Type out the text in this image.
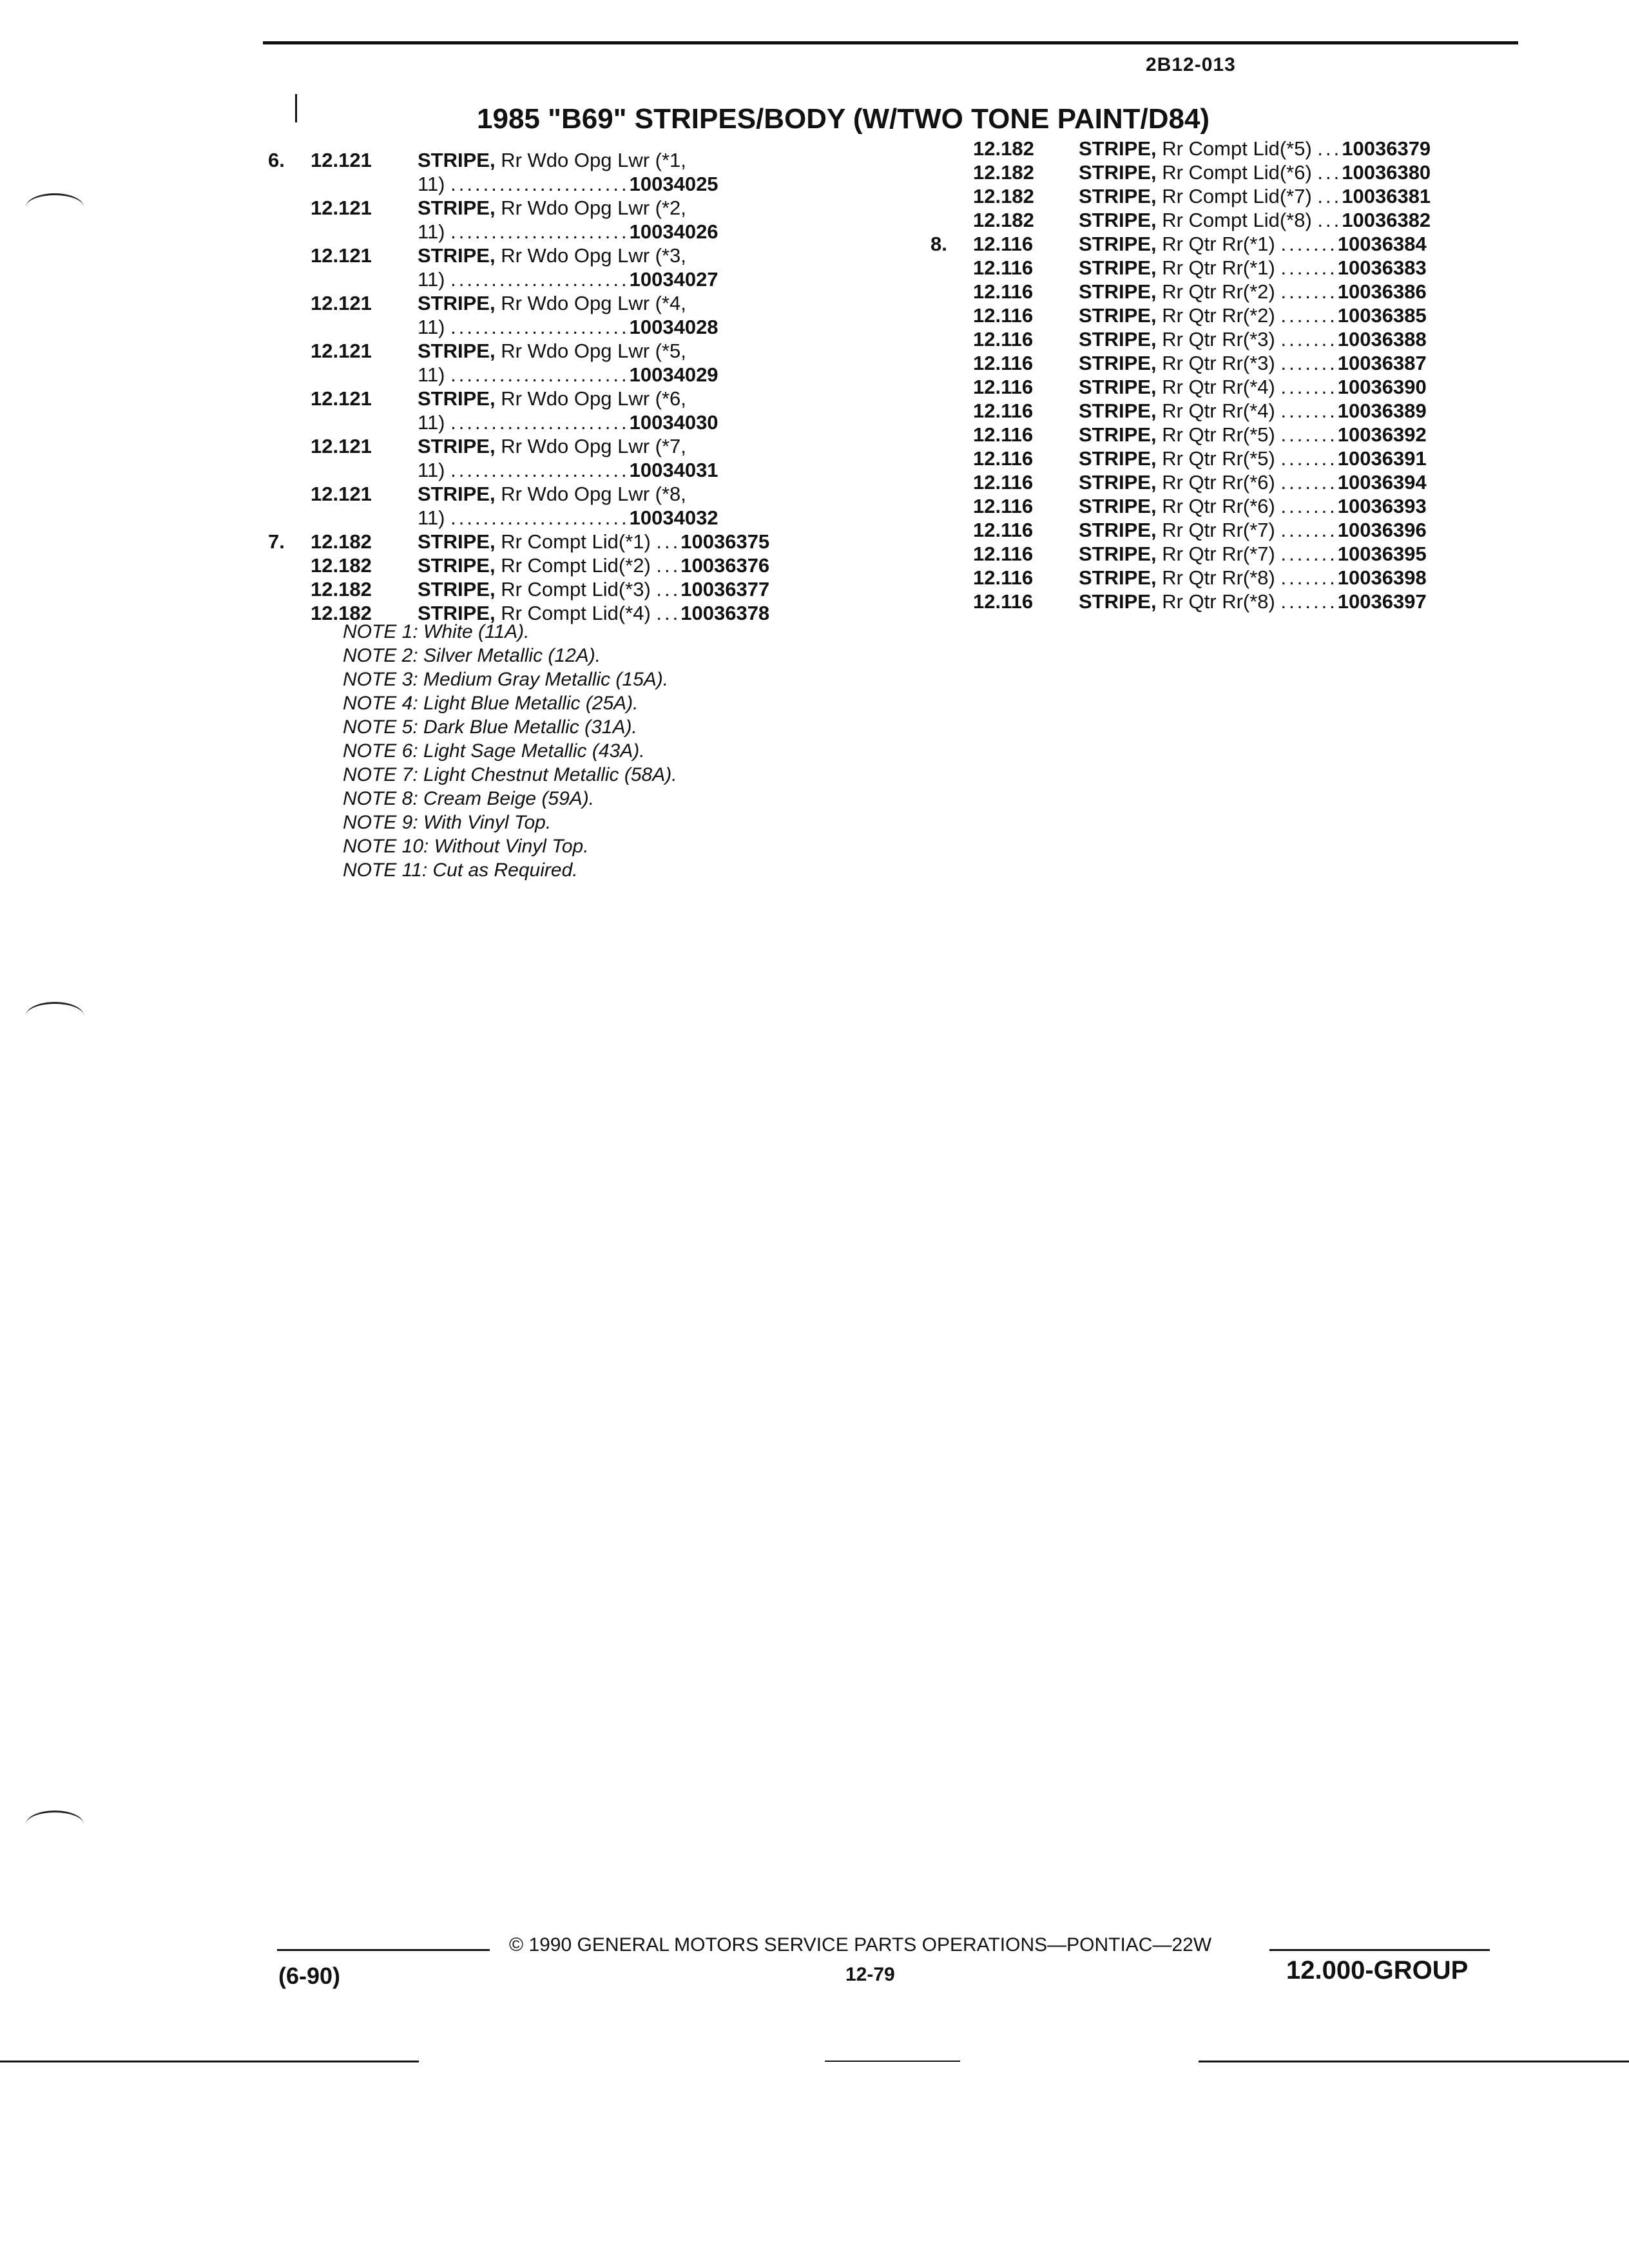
2B12-013
1985 "B69" STRIPES/BODY (W/TWO TONE PAINT/D84)
6. 12.121 STRIPE, Rr Wdo Opg Lwr (*1,
11) ......................10034025
12.121 STRIPE, Rr Wdo Opg Lwr (*2,
11) ......................10034026
12.121 STRIPE, Rr Wdo Opg Lwr (*3,
11) ......................10034027
12.121 STRIPE, Rr Wdo Opg Lwr (*4,
11) ......................10034028
12.121 STRIPE, Rr Wdo Opg Lwr (*5,
11) ......................10034029
12.121 STRIPE, Rr Wdo Opg Lwr (*6,
11) ......................10034030
12.121 STRIPE, Rr Wdo Opg Lwr (*7,
11) ......................10034031
12.121 STRIPE, Rr Wdo Opg Lwr (*8,
11) ......................10034032
7. 12.182 STRIPE, Rr Compt Lid(*1) ...10036375
12.182 STRIPE, Rr Compt Lid(*2) ...10036376
12.182 STRIPE, Rr Compt Lid(*3) ...10036377
12.182 STRIPE, Rr Compt Lid(*4) ...10036378
12.182 STRIPE, Rr Compt Lid(*5) ...10036379
12.182 STRIPE, Rr Compt Lid(*6) ...10036380
12.182 STRIPE, Rr Compt Lid(*7) ...10036381
12.182 STRIPE, Rr Compt Lid(*8) ...10036382
8. 12.116 STRIPE, Rr Qtr Rr(*1) .......10036384
12.116 STRIPE, Rr Qtr Rr(*1) .......10036383
12.116 STRIPE, Rr Qtr Rr(*2) .......10036386
12.116 STRIPE, Rr Qtr Rr(*2) .......10036385
12.116 STRIPE, Rr Qtr Rr(*3) .......10036388
12.116 STRIPE, Rr Qtr Rr(*3) .......10036387
12.116 STRIPE, Rr Qtr Rr(*4) .......10036390
12.116 STRIPE, Rr Qtr Rr(*4) .......10036389
12.116 STRIPE, Rr Qtr Rr(*5) .......10036392
12.116 STRIPE, Rr Qtr Rr(*5) .......10036391
12.116 STRIPE, Rr Qtr Rr(*6) .......10036394
12.116 STRIPE, Rr Qtr Rr(*6) .......10036393
12.116 STRIPE, Rr Qtr Rr(*7) .......10036396
12.116 STRIPE, Rr Qtr Rr(*7) .......10036395
12.116 STRIPE, Rr Qtr Rr(*8) .......10036398
12.116 STRIPE, Rr Qtr Rr(*8) .......10036397
NOTE 1: White (11A).
NOTE 2: Silver Metallic (12A).
NOTE 3: Medium Gray Metallic (15A).
NOTE 4: Light Blue Metallic (25A).
NOTE 5: Dark Blue Metallic (31A).
NOTE 6: Light Sage Metallic (43A).
NOTE 7: Light Chestnut Metallic (58A).
NOTE 8: Cream Beige (59A).
NOTE 9: With Vinyl Top.
NOTE 10: Without Vinyl Top.
NOTE 11: Cut as Required.
© 1990 GENERAL MOTORS SERVICE PARTS OPERATIONS—PONTIAC—22W
(6-90)	12-79	12.000-GROUP
